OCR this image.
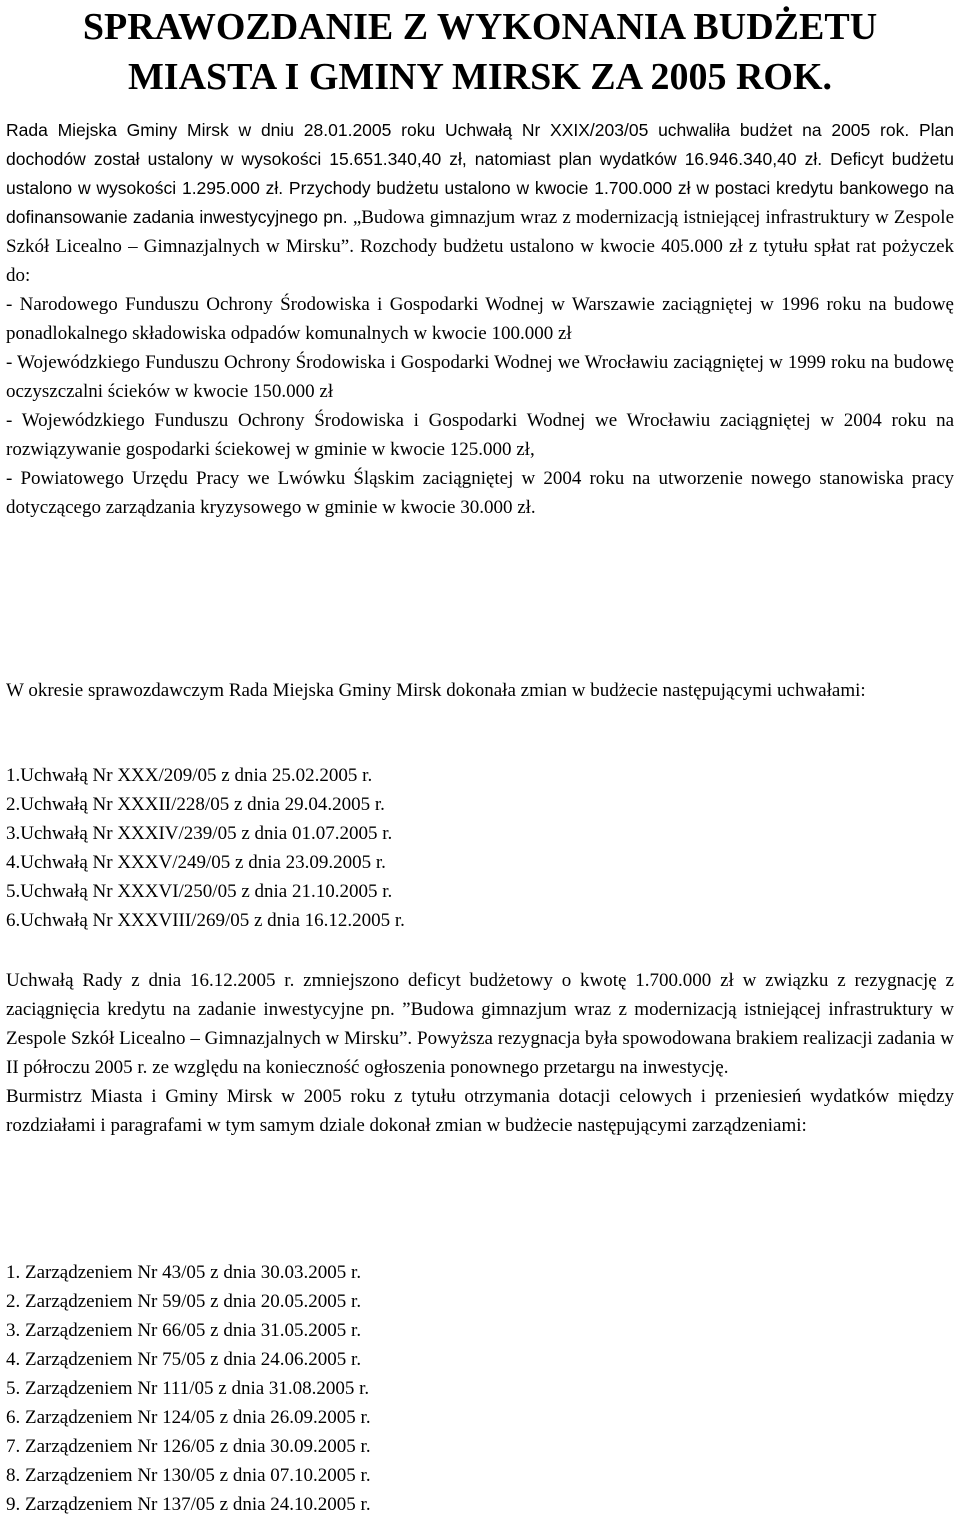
SPRAWOZDANIE Z WYKONANIA BUDŻETU
MIASTA I GMINY MIRSK ZA 2005 ROK.

Rada Miejska Gminy Mirsk w dniu 28.01.2005 roku Uchwałą Nr XXIX/203/05 uchwaliła budżet na 2005 rok. Plan dochodów został ustalony w wysokości 15.651.340,40 zł, natomiast plan wydatków 16.946.340,40 zł. Deficyt budżetu ustalono w wysokości 1.295.000 zł. Przychody budżetu ustalono w kwocie 1.700.000 zł w postaci kredytu bankowego na dofinansowanie zadania inwestycyjnego pn. „Budowa gimnazjum wraz z modernizacją istniejącej infrastruktury w Zespole Szkół Licealno – Gimnazjalnych w Mirsku”. Rozchody budżetu ustalono w kwocie 405.000 zł z tytułu spłat rat pożyczek do:

- Narodowego Funduszu Ochrony Środowiska i Gospodarki Wodnej w Warszawie zaciągniętej w 1996 roku na budowę ponadlokalnego składowiska odpadów komunalnych w kwocie 100.000 zł

- Wojewódzkiego Funduszu Ochrony Środowiska i Gospodarki Wodnej we Wrocławiu zaciągniętej w 1999 roku na budowę oczyszczalni ścieków w kwocie 150.000 zł

- Wojewódzkiego Funduszu Ochrony Środowiska i Gospodarki Wodnej we Wrocławiu zaciągniętej w 2004 roku na rozwiązywanie gospodarki ściekowej w gminie w kwocie 125.000 zł,

- Powiatowego Urzędu Pracy we Lwówku Śląskim zaciągniętej w 2004 roku na utworzenie nowego stanowiska pracy dotyczącego zarządzania kryzysowego w gminie w kwocie 30.000 zł.

W okresie sprawozdawczym Rada Miejska Gminy Mirsk dokonała zmian w budżecie następującymi uchwałami:

1.Uchwałą Nr XXX/209/05 z dnia 25.02.2005 r.
2.Uchwałą Nr XXXII/228/05 z dnia 29.04.2005 r.
3.Uchwałą Nr XXXIV/239/05 z dnia 01.07.2005 r.
4.Uchwałą Nr XXXV/249/05 z dnia 23.09.2005 r.
5.Uchwałą Nr XXXVI/250/05 z dnia 21.10.2005 r.
6.Uchwałą Nr XXXVIII/269/05 z dnia 16.12.2005 r.

Uchwałą Rady z dnia 16.12.2005 r. zmniejszono deficyt budżetowy o kwotę 1.700.000 zł w związku z rezygnację z zaciągnięcia kredytu na zadanie inwestycyjne pn. ”Budowa gimnazjum wraz z modernizacją istniejącej infrastruktury w Zespole Szkół Licealno – Gimnazjalnych w Mirsku”. Powyższa rezygnacja była spowodowana brakiem realizacji zadania w II półroczu 2005 r. ze względu na konieczność ogłoszenia ponownego przetargu na inwestycję.

Burmistrz Miasta i Gminy Mirsk w 2005 roku z tytułu otrzymania dotacji celowych i przeniesień wydatków między rozdziałami i paragrafami w tym samym dziale dokonał zmian w budżecie następującymi zarządzeniami:

1. Zarządzeniem Nr 43/05 z dnia 30.03.2005 r.
2. Zarządzeniem Nr 59/05 z dnia 20.05.2005 r.
3. Zarządzeniem Nr 66/05 z dnia 31.05.2005 r.
4. Zarządzeniem Nr 75/05 z dnia 24.06.2005 r.
5. Zarządzeniem Nr 111/05 z dnia 31.08.2005 r.
6. Zarządzeniem Nr 124/05 z dnia 26.09.2005 r.
7. Zarządzeniem Nr 126/05 z dnia 30.09.2005 r.
8. Zarządzeniem Nr 130/05 z dnia 07.10.2005 r.
9. Zarządzeniem Nr 137/05 z dnia 24.10.2005 r.
